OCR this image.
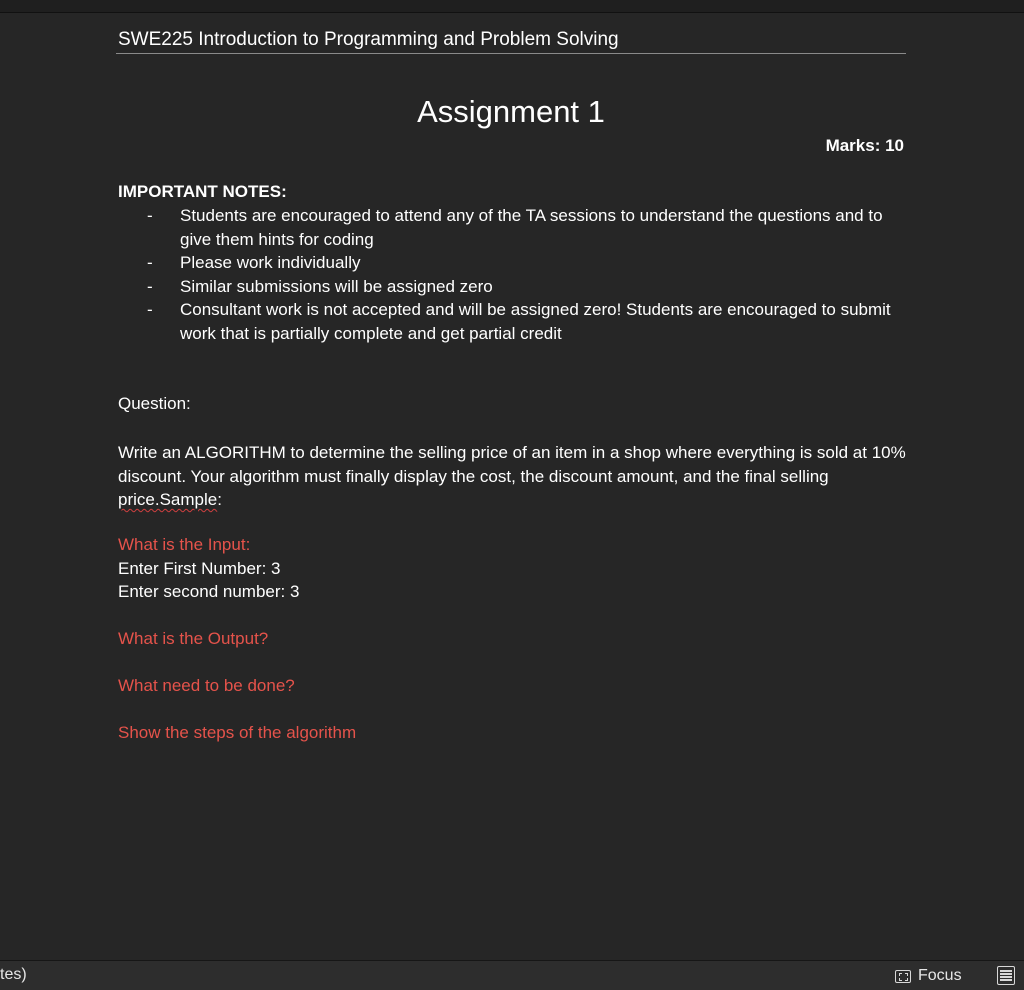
SWE225 Introduction to Programming and Problem Solving
Assignment 1
Marks: 10
IMPORTANT NOTES:
- Students are encouraged to attend any of the TA sessions to understand the questions and to give them hints for coding
- Please work individually
- Similar submissions will be assigned zero
- Consultant work is not accepted and will be assigned zero! Students are encouraged to submit work that is partially complete and get partial credit
Question:
Write an ALGORITHM to determine the selling price of an item in a shop where everything is sold at 10% discount. Your algorithm must finally display the cost, the discount amount, and the final selling price.Sample:
What is the Input:
Enter First Number: 3
Enter second number: 3
What is the Output?
What need to be done?
Show the steps of the algorithm
tes)	Focus
